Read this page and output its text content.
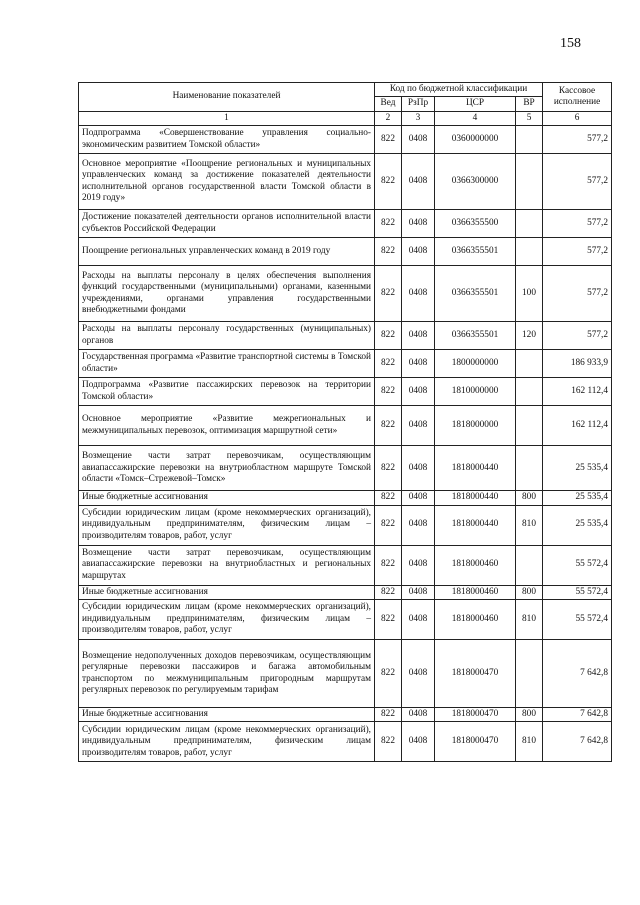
158
Наименование показателей	Код по бюджетной классификации				Кассовое исполнение
	Вед	РзПр	ЦСР	ВР	
1	2	3	4	5	6
Подпрограмма «Совершенствование управления социально-экономическим развитием Томской области»	822	0408	0360000000		577,2
Основное мероприятие «Поощрение региональных и муниципальных управленческих команд за достижение показателей деятельности исполнительной органов государственной власти Томской области в 2019 году»	822	0408	0366300000		577,2
Достижение показателей деятельности органов исполнительной власти субъектов Российской Федерации	822	0408	0366355500		577,2
Поощрение региональных управленческих команд в 2019 году	822	0408	0366355501		577,2
Расходы на выплаты персоналу в целях обеспечения выполнения функций государственными (муниципальными) органами, казенными учреждениями, органами управления государственными внебюджетными фондами	822	0408	0366355501	100	577,2
Расходы на выплаты персоналу государственных (муниципальных) органов	822	0408	0366355501	120	577,2
Государственная программа «Развитие транспортной системы в Томской области»	822	0408	1800000000		186 933,9
Подпрограмма «Развитие пассажирских перевозок на территории Томской области»	822	0408	1810000000		162 112,4
Основное мероприятие «Развитие межрегиональных и межмуниципальных перевозок, оптимизация маршрутной сети»	822	0408	1818000000		162 112,4
Возмещение части затрат перевозчикам, осуществляющим авиапассажирские перевозки на внутриобластном маршруте Томской области «Томск–Стрежевой–Томск»	822	0408	1818000440		25 535,4
Иные бюджетные ассигнования	822	0408	1818000440	800	25 535,4
Субсидии юридическим лицам (кроме некоммерческих организаций), индивидуальным предпринимателям, физическим лицам – производителям товаров, работ, услуг	822	0408	1818000440	810	25 535,4
Возмещение части затрат перевозчикам, осуществляющим авиапассажирские перевозки на внутриобластных и региональных маршрутах	822	0408	1818000460		55 572,4
Иные бюджетные ассигнования	822	0408	1818000460	800	55 572,4
Субсидии юридическим лицам (кроме некоммерческих организаций), индивидуальным предпринимателям, физическим лицам – производителям товаров, работ, услуг	822	0408	1818000460	810	55 572,4
Возмещение недополученных доходов перевозчикам, осуществляющим регулярные перевозки пассажиров и багажа автомобильным транспортом по межмуниципальным пригородным маршрутам регулярных перевозок по регулируемым тарифам	822	0408	1818000470		7 642,8
Иные бюджетные ассигнования	822	0408	1818000470	800	7 642,8
Субсидии юридическим лицам (кроме некоммерческих организаций), индивидуальным предпринимателям, физическим лицам производителям товаров, работ, услуг	822	0408	1818000470	810	7 642,8
